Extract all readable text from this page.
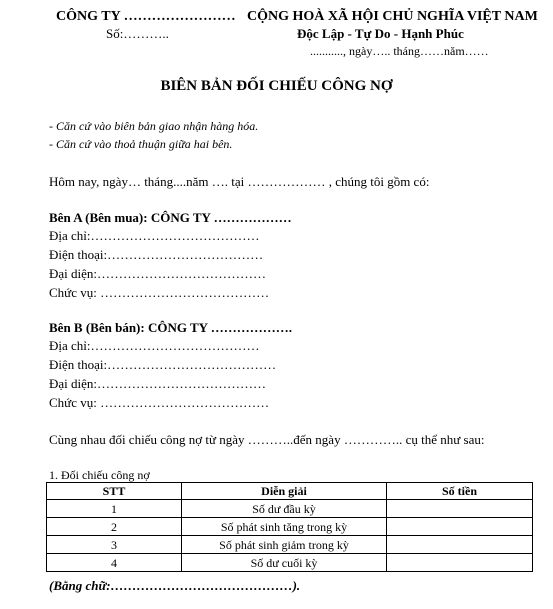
CÔNG TY ……………………
Số:………..
CỘNG HOÀ XÃ HỘI CHỦ NGHĨA VIỆT NAM
Độc Lập - Tự Do - Hạnh Phúc
..........., ngày….. tháng……năm……
BIÊN BẢN ĐỐI CHIẾU CÔNG NỢ
- Căn cứ vào biên bản giao nhận hàng hóa.
- Căn cứ vào thoả thuận giữa hai bên.
Hôm nay, ngày… tháng....năm …. tại ……………… , chúng tôi gồm có:
Bên A (Bên mua): CÔNG TY ………………
Địa chỉ:…………………………………
Điện thoại:………………………………
Đại diện:…………………………………
Chức vụ: …………………………………
Bên B (Bên bán): CÔNG TY ……………….
Địa chỉ:…………………………………
Điện thoại:…………………………………
Đại diện:…………………………………
Chức vụ: …………………………………
Cùng nhau đối chiếu công nợ từ ngày ………..đến ngày ………….. cụ thể như sau:
1. Đối chiếu công nợ
STT	Diễn giải	Số tiền
1	Số dư đầu kỳ	
2	Số phát sinh tăng trong kỳ	
3	Số phát sinh giảm trong kỳ	
4	Số dư cuối kỳ	
(Bằng chữ:……………………………………).
